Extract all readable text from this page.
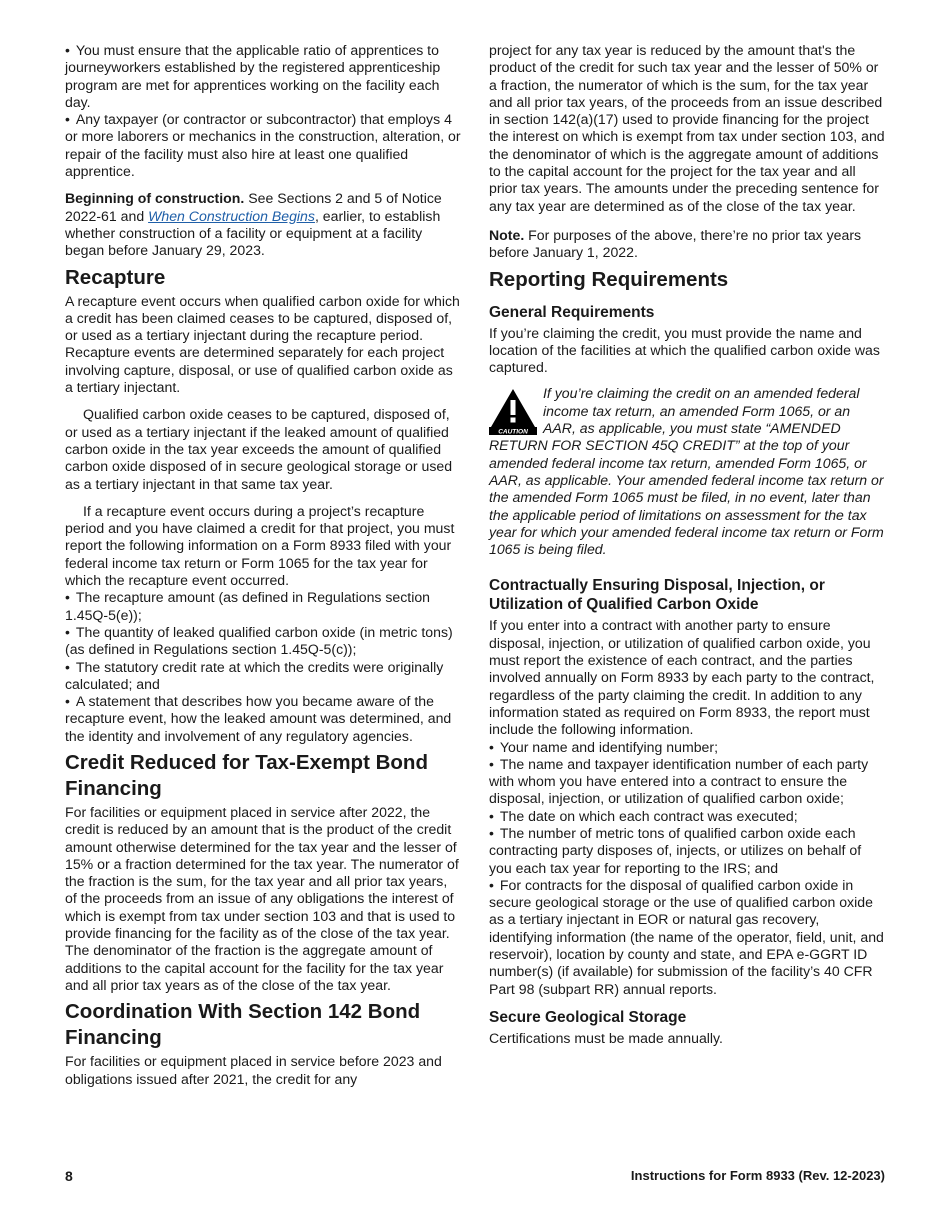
• You must ensure that the applicable ratio of apprentices to journeyworkers established by the registered apprenticeship program are met for apprentices working on the facility each day.

• Any taxpayer (or contractor or subcontractor) that employs 4 or more laborers or mechanics in the construction, alteration, or repair of the facility must also hire at least one qualified apprentice.

Beginning of construction. See Sections 2 and 5 of Notice 2022-61 and When Construction Begins, earlier, to establish whether construction of a facility or equipment at a facility began before January 29, 2023.

Recapture

A recapture event occurs when qualified carbon oxide for which a credit has been claimed ceases to be captured, disposed of, or used as a tertiary injectant during the recapture period. Recapture events are determined separately for each project involving capture, disposal, or use of qualified carbon oxide as a tertiary injectant.

Qualified carbon oxide ceases to be captured, disposed of, or used as a tertiary injectant if the leaked amount of qualified carbon oxide in the tax year exceeds the amount of qualified carbon oxide disposed of in secure geological storage or used as a tertiary injectant in that same tax year.

If a recapture event occurs during a project’s recapture period and you have claimed a credit for that project, you must report the following information on a Form 8933 filed with your federal income tax return or Form 1065 for the tax year for which the recapture event occurred.

• The recapture amount (as defined in Regulations section 1.45Q-5(e));

• The quantity of leaked qualified carbon oxide (in metric tons) (as defined in Regulations section 1.45Q-5(c));

• The statutory credit rate at which the credits were originally calculated; and

• A statement that describes how you became aware of the recapture event, how the leaked amount was determined, and the identity and involvement of any regulatory agencies.

Credit Reduced for Tax-Exempt Bond Financing

For facilities or equipment placed in service after 2022, the credit is reduced by an amount that is the product of the credit amount otherwise determined for the tax year and the lesser of 15% or a fraction determined for the tax year. The numerator of the fraction is the sum, for the tax year and all prior tax years, of the proceeds from an issue of any obligations the interest of which is exempt from tax under section 103 and that is used to provide financing for the facility as of the close of the tax year. The denominator of the fraction is the aggregate amount of additions to the capital account for the facility for the tax year and all prior tax years as of the close of the tax year.

Coordination With Section 142 Bond Financing

For facilities or equipment placed in service before 2023 and obligations issued after 2021, the credit for any

project for any tax year is reduced by the amount that's the product of the credit for such tax year and the lesser of 50% or a fraction, the numerator of which is the sum, for the tax year and all prior tax years, of the proceeds from an issue described in section 142(a)(17) used to provide financing for the project the interest on which is exempt from tax under section 103, and the denominator of which is the aggregate amount of additions to the capital account for the project for the tax year and all prior tax years. The amounts under the preceding sentence for any tax year are determined as of the close of the tax year.

Note. For purposes of the above, there’re no prior tax years before January 1, 2022.

Reporting Requirements
General Requirements

If you’re claiming the credit, you must provide the name and location of the facilities at which the qualified carbon oxide was captured.

CAUTION
If you’re claiming the credit on an amended federal income tax return, an amended Form 1065, or an AAR, as applicable, you must state “AMENDED RETURN FOR SECTION 45Q CREDIT” at the top of your amended federal income tax return, amended Form 1065, or AAR, as applicable. Your amended federal income tax return or the amended Form 1065 must be filed, in no event, later than the applicable period of limitations on assessment for the tax year for which your amended federal income tax return or Form 1065 is being filed.
Contractually Ensuring Disposal, Injection, or Utilization of Qualified Carbon Oxide

If you enter into a contract with another party to ensure disposal, injection, or utilization of qualified carbon oxide, you must report the existence of each contract, and the parties involved annually on Form 8933 by each party to the contract, regardless of the party claiming the credit. In addition to any information stated as required on Form 8933, the report must include the following information.

• Your name and identifying number;

• The name and taxpayer identification number of each party with whom you have entered into a contract to ensure the disposal, injection, or utilization of qualified carbon oxide;

• The date on which each contract was executed;

• The number of metric tons of qualified carbon oxide each contracting party disposes of, injects, or utilizes on behalf of you each tax year for reporting to the IRS; and

• For contracts for the disposal of qualified carbon oxide in secure geological storage or the use of qualified carbon oxide as a tertiary injectant in EOR or natural gas recovery, identifying information (the name of the operator, field, unit, and reservoir), location by county and state, and EPA e-GGRT ID number(s) (if available) for submission of the facility’s 40 CFR Part 98 (subpart RR) annual reports.

Secure Geological Storage

Certifications must be made annually.

8	Instructions for Form 8933 (Rev. 12-2023)
